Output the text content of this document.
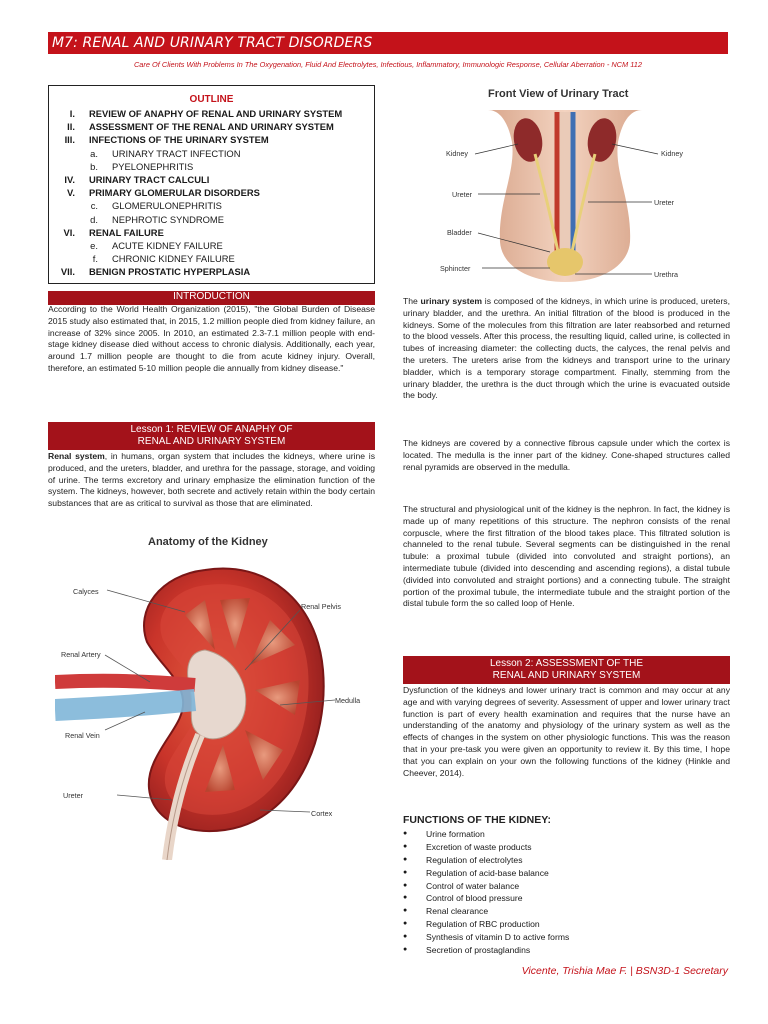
M7: RENAL AND URINARY TRACT DISORDERS
Care Of Clients With Problems In The Oxygenation, Fluid And Electrolytes, Infectious, Inflammatory, Immunologic Response, Cellular Aberration - NCM 112
OUTLINE
I.	REVIEW OF ANAPHY OF RENAL AND URINARY SYSTEM
II.	ASSESSMENT OF THE RENAL AND URINARY SYSTEM
III.	INFECTIONS OF THE URINARY SYSTEM
a.	URINARY TRACT INFECTION
b.	PYELONEPHRITIS
IV.	URINARY TRACT CALCULI
V.	PRIMARY GLOMERULAR DISORDERS
c.	GLOMERULONEPHRITIS
d.	NEPHROTIC SYNDROME
VI.	RENAL FAILURE
e.	ACUTE KIDNEY FAILURE
f.	CHRONIC KIDNEY FAILURE
VII.	BENIGN PROSTATIC HYPERPLASIA
INTRODUCTION
According to the World Health Organization (2015), "the Global Burden of Disease 2015 study also estimated that, in 2015, 1.2 million people died from kidney failure, an increase of 32% since 2005. In 2010, an estimated 2.3-7.1 million people with end-stage kidney disease died without access to chronic dialysis. Additionally, each year, around 1.7 million people are thought to die from acute kidney injury. Overall, therefore, an estimated 5-10 million people die annually from kidney disease."
Lesson 1: REVIEW OF ANAPHY OF
RENAL AND URINARY SYSTEM
Renal system, in humans, organ system that includes the kidneys, where urine is produced, and the ureters, bladder, and urethra for the passage, storage, and voiding of urine. The terms excretory and urinary emphasize the elimination function of the system. The kidneys, however, both secrete and actively retain within the body certain substances that are as critical to survival as those that are eliminated.
Anatomy of the Kidney
Calyces
Renal Pelvis
Renal Artery
Medulla
Renal Vein
Ureter
Cortex
Front View of Urinary Tract
Kidney	Kidney
Ureter
Ureter
Bladder
Sphincter
Urethra
The urinary system is composed of the kidneys, in which urine is produced, ureters, urinary bladder, and the urethra. An initial filtration of the blood is produced in the kidneys. Some of the molecules from this filtration are later reabsorbed and returned to the blood vessels. After this process, the resulting liquid, called urine, is collected in tubes of increasing diameter: the collecting ducts, the calyces, the renal pelvis and the ureters. The ureters arise from the kidneys and transport urine to the urinary bladder, which is a temporary storage compartment. Finally, stemming from the urinary bladder, the urethra is the duct through which the urine is evacuated outside the body.
The kidneys are covered by a connective fibrous capsule under which the cortex is located. The medulla is the inner part of the kidney. Cone-shaped structures called renal pyramids are observed in the medulla.
The structural and physiological unit of the kidney is the nephron. In fact, the kidney is made up of many repetitions of this structure. The nephron consists of the renal corpuscle, where the first filtration of the blood takes place. This filtrated solution is channeled to the renal tubule. Several segments can be distinguished in the renal tubule: a proximal tubule (divided into convoluted and straight portions), an intermediate tubule (divided into descending and ascending regions), a distal tubule (divided into convoluted and straight portions) and a connecting tubule. The straight portion of the proximal tubule, the intermediate tubule and the straight portion of the distal tubule form the so called loop of Henle.
Lesson 2: ASSESSMENT OF THE
RENAL AND URINARY SYSTEM
Dysfunction of the kidneys and lower urinary tract is common and may occur at any age and with varying degrees of severity. Assessment of upper and lower urinary tract function is part of every health examination and requires that the nurse have an understanding of the anatomy and physiology of the urinary system as well as the effects of changes in the system on other physiologic functions. This was the reason that in your pre-task you were given an opportunity to review it. By this time, I hope that you can explain on your own the following functions of the kidney (Hinkle and Cheever, 2014).
FUNCTIONS OF THE KIDNEY:
●	Urine formation
●	Excretion of waste products
●	Regulation of electrolytes
●	Regulation of acid-base balance
●	Control of water balance
●	Control of blood pressure
●	Renal clearance
●	Regulation of RBC production
●	Synthesis of vitamin D to active forms
●	Secretion of prostaglandins
Vicente, Trishia Mae F. | BSN3D-1 Secretary
